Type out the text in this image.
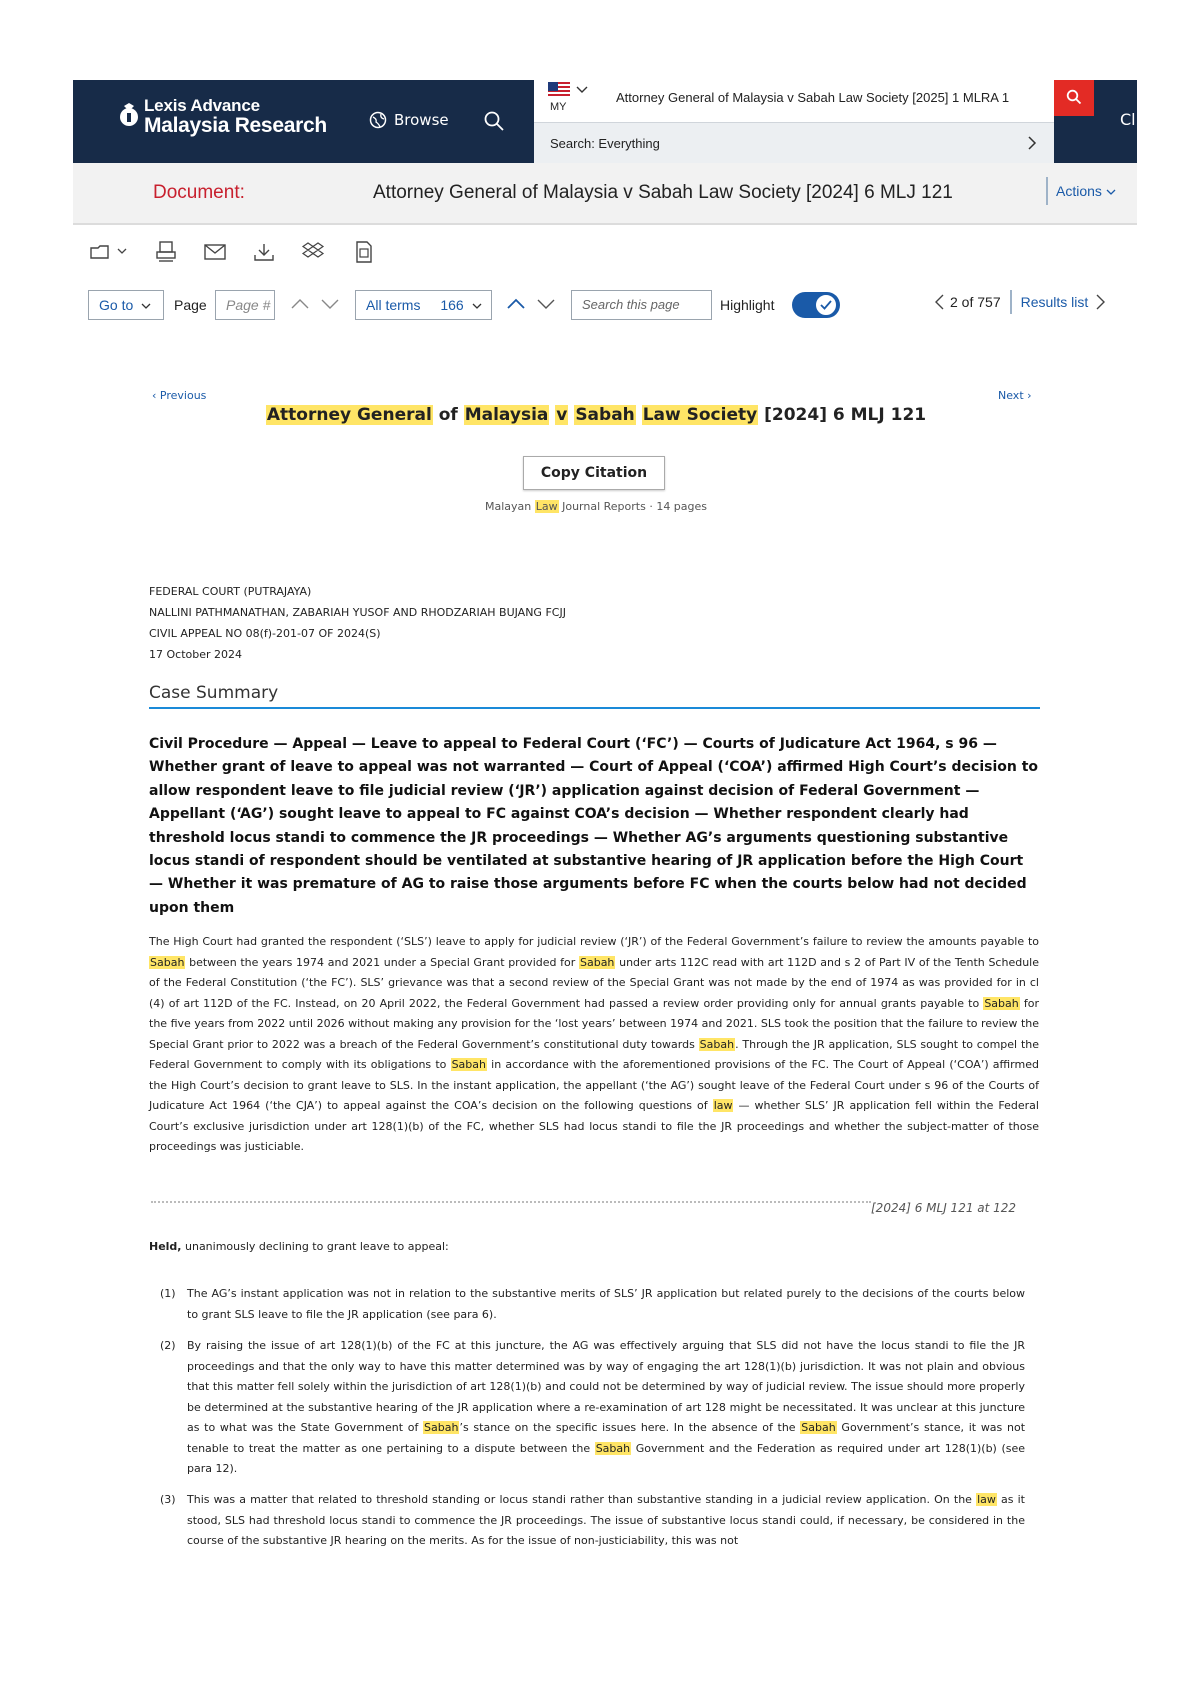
Lexis Advance
Malaysia Research	Browse	Cl
MY
Attorney General of Malaysia v Sabah Law Society [2025] 1 MLRA 1
Search: Everything
Document:	Attorney General of Malaysia v Sabah Law Society [2024] 6 MLJ 121	Actions
Go to	Page	Page #	All terms 166	Search this page	Highlight	2 of 757 Results list
‹ Previous	Next ›
Attorney General of Malaysia v Sabah Law Society [2024] 6 MLJ 121
Copy Citation
Malayan Law Journal Reports · 14 pages
FEDERAL COURT (PUTRAJAYA)
NALLINI PATHMANATHAN, ZABARIAH YUSOF AND RHODZARIAH BUJANG FCJJ
CIVIL APPEAL NO 08(f)-201-07 OF 2024(S)
17 October 2024
Case Summary
Civil Procedure — Appeal — Leave to appeal to Federal Court (‘FC’) — Courts of Judicature Act 1964, s 96 — Whether grant of leave to appeal was not warranted — Court of Appeal (‘COA’) affirmed High Court’s decision to allow respondent leave to file judicial review (‘JR’) application against decision of Federal Government — Appellant (‘AG’) sought leave to appeal to FC against COA’s decision — Whether respondent clearly had threshold locus standi to commence the JR proceedings — Whether AG’s arguments questioning substantive locus standi of respondent should be ventilated at substantive hearing of JR application before the High Court — Whether it was premature of AG to raise those arguments before FC when the courts below had not decided upon them
The High Court had granted the respondent (‘SLS’) leave to apply for judicial review (‘JR’) of the Federal Government’s failure to review the amounts payable to Sabah between the years 1974 and 2021 under a Special Grant provided for Sabah under arts 112C read with art 112D and s 2 of Part IV of the Tenth Schedule of the Federal Constitution (‘the FC’). SLS’ grievance was that a second review of the Special Grant was not made by the end of 1974 as was provided for in cl (4) of art 112D of the FC. Instead, on 20 April 2022, the Federal Government had passed a review order providing only for annual grants payable to Sabah for the five years from 2022 until 2026 without making any provision for the ‘lost years’ between 1974 and 2021. SLS took the position that the failure to review the Special Grant prior to 2022 was a breach of the Federal Government’s constitutional duty towards Sabah. Through the JR application, SLS sought to compel the Federal Government to comply with its obligations to Sabah in accordance with the aforementioned provisions of the FC. The Court of Appeal (‘COA’) affirmed the High Court’s decision to grant leave to SLS. In the instant application, the appellant (‘the AG’) sought leave of the Federal Court under s 96 of the Courts of Judicature Act 1964 (‘the CJA’) to appeal against the COA’s decision on the following questions of law — whether SLS’ JR application fell within the Federal Court’s exclusive jurisdiction under art 128(1)(b) of the FC, whether SLS had locus standi to file the JR proceedings and whether the subject-matter of those proceedings was justiciable.
[2024] 6 MLJ 121 at 122
Held, unanimously declining to grant leave to appeal:
(1) The AG’s instant application was not in relation to the substantive merits of SLS’ JR application but related purely to the decisions of the courts below to grant SLS leave to file the JR application (see para 6).
(2) By raising the issue of art 128(1)(b) of the FC at this juncture, the AG was effectively arguing that SLS did not have the locus standi to file the JR proceedings and that the only way to have this matter determined was by way of engaging the art 128(1)(b) jurisdiction. It was not plain and obvious that this matter fell solely within the jurisdiction of art 128(1)(b) and could not be determined by way of judicial review. The issue should more properly be determined at the substantive hearing of the JR application where a re-examination of art 128 might be necessitated. It was unclear at this juncture as to what was the State Government of Sabah’s stance on the specific issues here. In the absence of the Sabah Government’s stance, it was not tenable to treat the matter as one pertaining to a dispute between the Sabah Government and the Federation as required under art 128(1)(b) (see para 12).
(3) This was a matter that related to threshold standing or locus standi rather than substantive standing in a judicial review application. On the law as it stood, SLS had threshold locus standi to commence the JR proceedings. The issue of substantive locus standi could, if necessary, be considered in the course of the substantive JR hearing on the merits. As for the issue of non-justiciability, this was not
